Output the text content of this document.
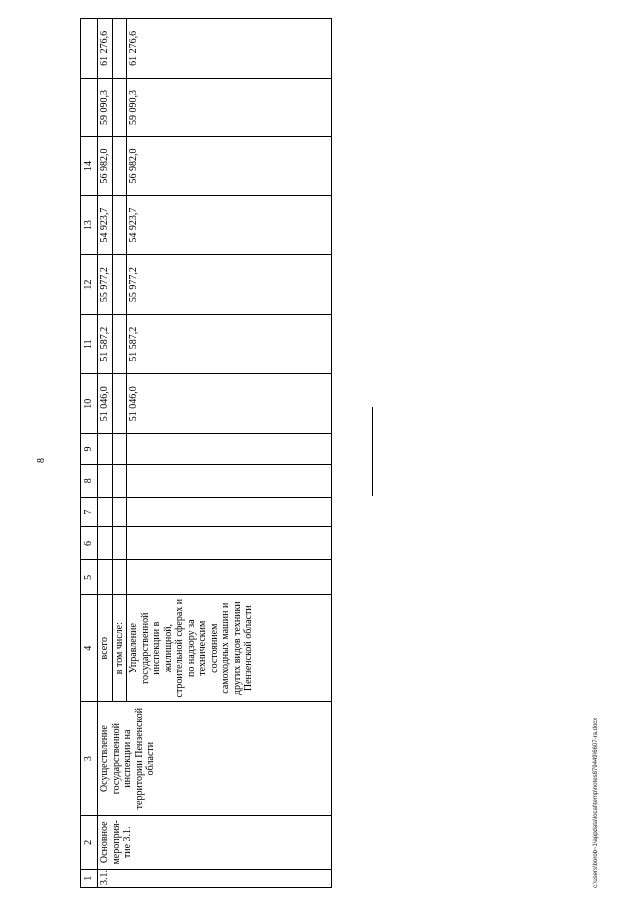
8
1	2	3	4	5	6	7	8	9	10	11	12	13	14		
3.1.	Основное мероприя-тие 3.1.	Осуществление государственной инспекции на территории Пензенской области	всего						51 046,0	51 587,2	55 977,2	54 923,7	56 982,0	59 090,3	61 276,6
			в том числе:												
			Управление государственной инспекции в жилищной, строительной сферах и по надзору за техническим состоянием самоходных машин и других видов техники Пензенской области						51 046,0	51 587,2	55 977,2	54 923,7	56 982,0	59 090,3	61 276,6
c:\users\borob~1\appdata\local\temp\notes879449\6607-ra.docx
